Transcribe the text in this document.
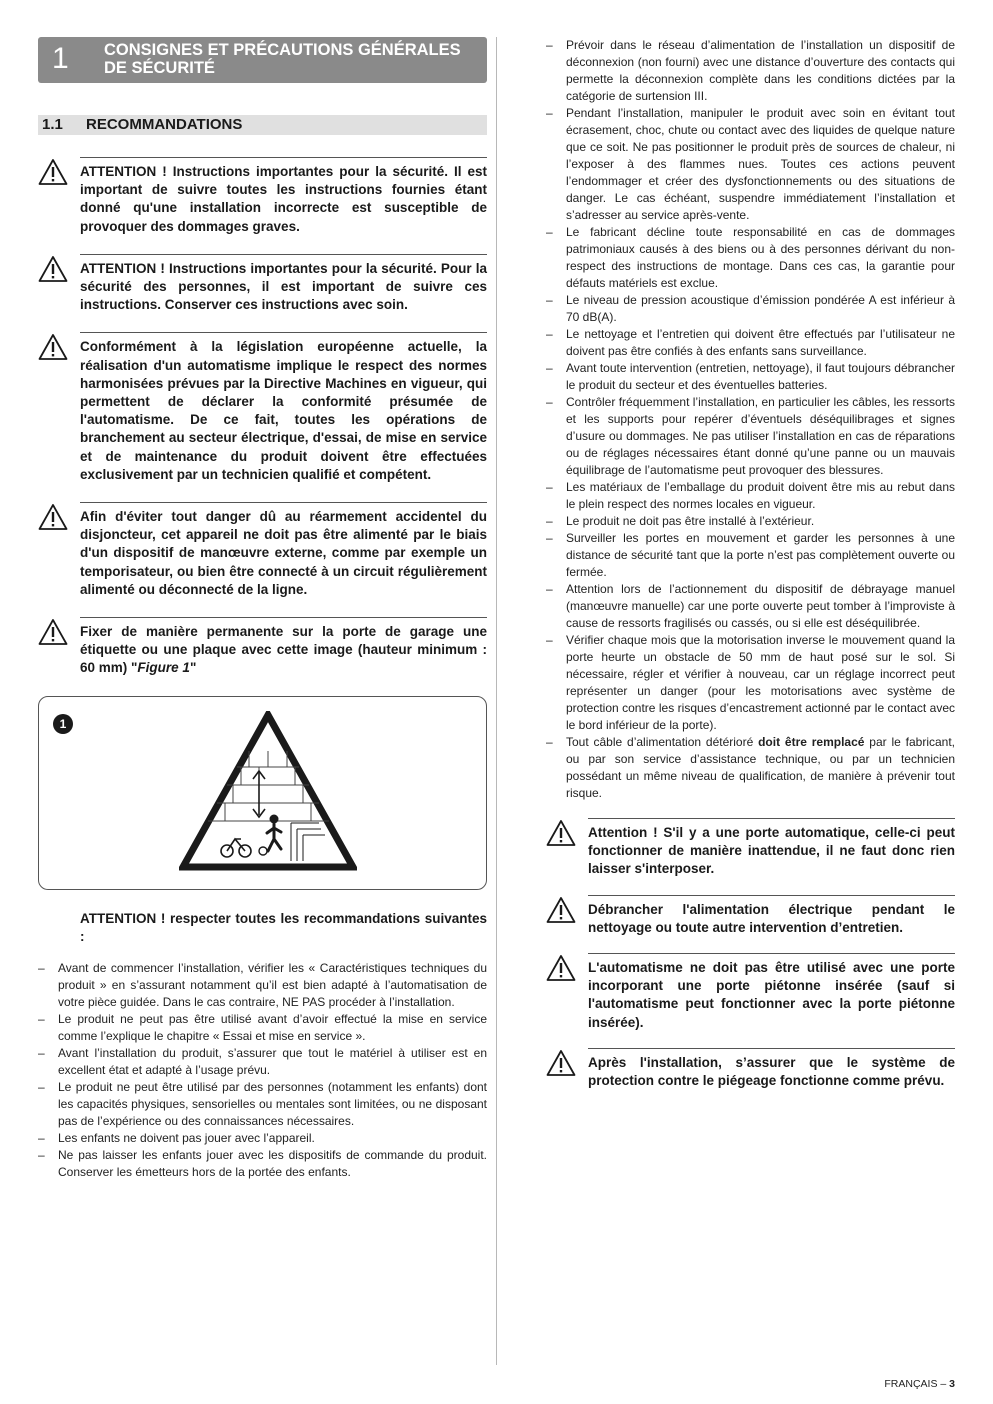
1 CONSIGNES ET PRÉCAUTIONS GÉNÉRALES
DE SÉCURITÉ
1.1 RECOMMANDATIONS
ATTENTION ! Instructions importantes pour la sécurité. Il est important de suivre toutes les instructions fournies étant donné qu'une installation incorrecte est susceptible de provoquer des dommages graves.
ATTENTION ! Instructions importantes pour la sécurité. Pour la sécurité des personnes, il est important de suivre ces instructions. Conserver ces instructions avec soin.
Conformément à la législation européenne actuelle, la réalisation d'un automatisme implique le respect des normes harmonisées prévues par la Directive Machines en vigueur, qui permettent de déclarer la conformité présumée de l'automatisme. De ce fait, toutes les opérations de branchement au secteur électrique, d'essai, de mise en service et de maintenance du produit doivent être effectuées exclusivement par un technicien qualifié et compétent.
Afin d'éviter tout danger dû au réarmement accidentel du disjoncteur, cet appareil ne doit pas être alimenté par le biais d'un dispositif de manœuvre externe, comme par exemple un temporisateur, ou bien être connecté à un circuit régulièrement alimenté ou déconnecté de la ligne.
Fixer de manière permanente sur la porte de garage une étiquette ou une plaque avec cette image (hauteur minimum : 60 mm) "Figure 1"
1
ATTENTION ! respecter toutes les recommandations suivantes :
– Avant de commencer l’installation, vérifier les « Caractéristiques techniques du produit » en s’assurant notamment qu’il est bien adapté à l’automatisation de votre pièce guidée. Dans le cas contraire, NE PAS procéder à l’installation.
– Le produit ne peut pas être utilisé avant d’avoir effectué la mise en service comme l’explique le chapitre « Essai et mise en service ».
– Avant l’installation du produit, s’assurer que tout le matériel à utiliser est en excellent état et adapté à l’usage prévu.
– Le produit ne peut être utilisé par des personnes (notamment les enfants) dont les capacités physiques, sensorielles ou mentales sont limitées, ou ne disposant pas de l’expérience ou des connaissances nécessaires.
– Les enfants ne doivent pas jouer avec l’appareil.
– Ne pas laisser les enfants jouer avec les dispositifs de commande du produit. Conserver les émetteurs hors de la portée des enfants.
– Prévoir dans le réseau d’alimentation de l’installation un dispositif de déconnexion (non fourni) avec une distance d’ouverture des contacts qui permette la déconnexion complète dans les conditions dictées par la catégorie de surtension III.
– Pendant l’installation, manipuler le produit avec soin en évitant tout écrasement, choc, chute ou contact avec des liquides de quelque nature que ce soit. Ne pas positionner le produit près de sources de chaleur, ni l’exposer à des flammes nues. Toutes ces actions peuvent l’endommager et créer des dysfonctionnements ou des situations de danger. Le cas échéant, suspendre immédiatement l’installation et s’adresser au service après-vente.
– Le fabricant décline toute responsabilité en cas de dommages patrimoniaux causés à des biens ou à des personnes dérivant du non-respect des instructions de montage. Dans ces cas, la garantie pour défauts matériels est exclue.
– Le niveau de pression acoustique d’émission pondérée A est inférieur à 70 dB(A).
– Le nettoyage et l’entretien qui doivent être effectués par l’utilisateur ne doivent pas être confiés à des enfants sans surveillance.
– Avant toute intervention (entretien, nettoyage), il faut toujours débrancher le produit du secteur et des éventuelles batteries.
– Contrôler fréquemment l’installation, en particulier les câbles, les ressorts et les supports pour repérer d’éventuels déséquilibrages et signes d’usure ou dommages. Ne pas utiliser l’installation en cas de réparations ou de réglages nécessaires étant donné qu’une panne ou un mauvais équilibrage de l’automatisme peut provoquer des blessures.
– Les matériaux de l’emballage du produit doivent être mis au rebut dans le plein respect des normes locales en vigueur.
– Le produit ne doit pas être installé à l’extérieur.
– Surveiller les portes en mouvement et garder les personnes à une distance de sécurité tant que la porte n’est pas complètement ouverte ou fermée.
– Attention lors de l’actionnement du dispositif de débrayage manuel (manœuvre manuelle) car une porte ouverte peut tomber à l’improviste à cause de ressorts fragilisés ou cassés, ou si elle est déséquilibrée.
– Vérifier chaque mois que la motorisation inverse le mouvement quand la porte heurte un obstacle de 50 mm de haut posé sur le sol. Si nécessaire, régler et vérifier à nouveau, car un réglage incorrect peut représenter un danger (pour les motorisations avec système de protection contre les risques d’encastrement actionné par le contact avec le bord inférieur de la porte).
– Tout câble d’alimentation détérioré doit être remplacé par le fabricant, ou par son service d’assistance technique, ou par un technicien possédant un même niveau de qualification, de manière à prévenir tout risque.
Attention ! S'il y a une porte automatique, celle-ci peut fonctionner de manière inattendue, il ne faut donc rien laisser s'interposer.
Débrancher l'alimentation électrique pendant le nettoyage ou toute autre intervention d’entretien.
L'automatisme ne doit pas être utilisé avec une porte incorporant une porte piétonne insérée (sauf si l'automatisme peut fonctionner avec la porte piétonne insérée).
Après l'installation, s’assurer que le système de protection contre le piégeage fonctionne comme prévu.
FRANÇAIS – 3
